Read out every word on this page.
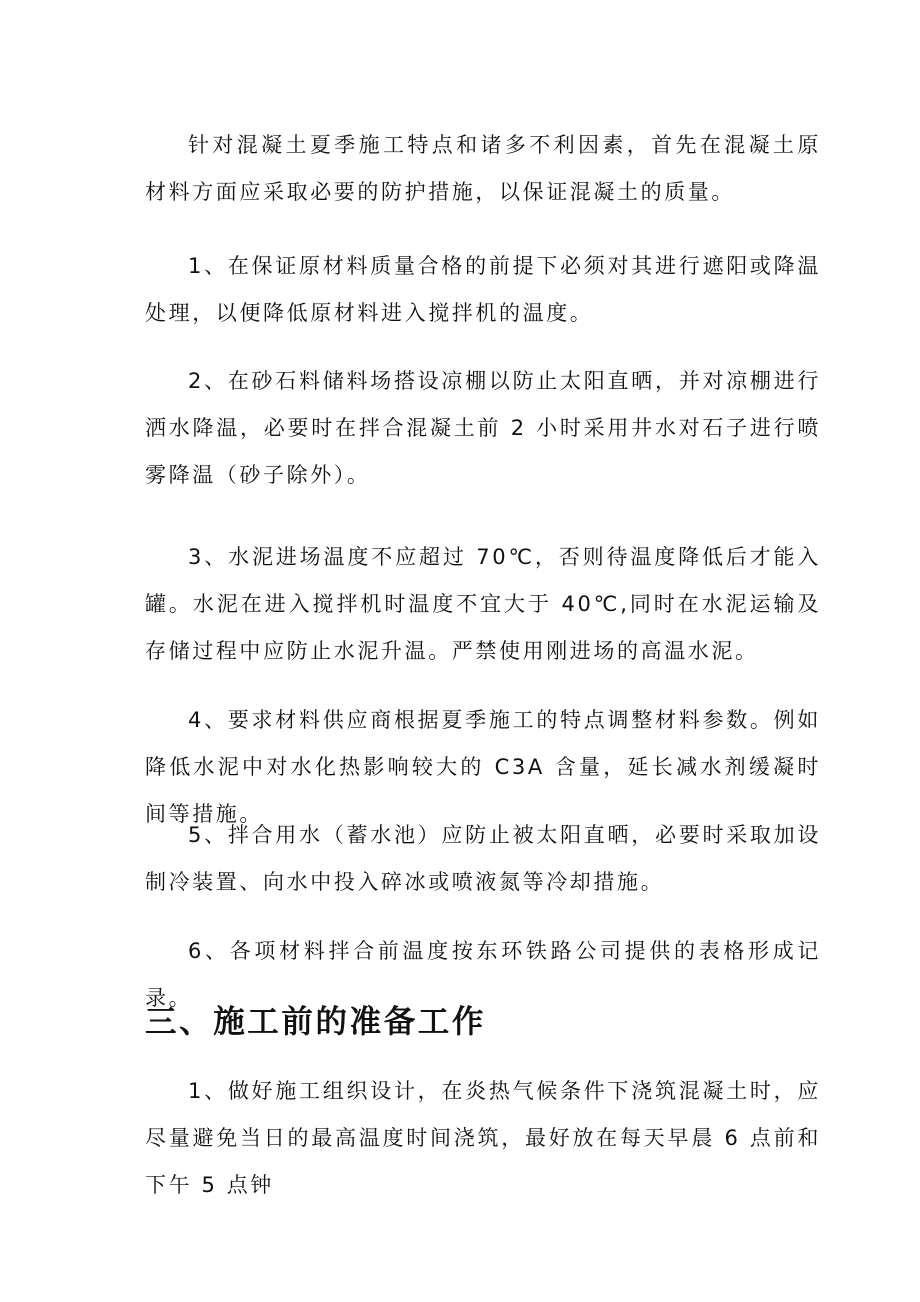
针对混凝土夏季施工特点和诸多不利因素，首先在混凝土原材料方面应采取必要的防护措施，以保证混凝土的质量。

1、在保证原材料质量合格的前提下必须对其进行遮阳或降温处理，以便降低原材料进入搅拌机的温度。

2、在砂石料储料场搭设凉棚以防止太阳直晒，并对凉棚进行洒水降温，必要时在拌合混凝土前 2 小时采用井水对石子进行喷雾降温（砂子除外）。

3、水泥进场温度不应超过 70℃，否则待温度降低后才能入罐。水泥在进入搅拌机时温度不宜大于 40℃,同时在水泥运输及存储过程中应防止水泥升温。严禁使用刚进场的高温水泥。

4、要求材料供应商根据夏季施工的特点调整材料参数。例如降低水泥中对水化热影响较大的 C3A 含量，延长减水剂缓凝时间等措施。

5、拌合用水（蓄水池）应防止被太阳直晒，必要时采取加设制冷装置、向水中投入碎冰或喷液氮等冷却措施。

6、各项材料拌合前温度按东环铁路公司提供的表格形成记录。

三、施工前的准备工作

1、做好施工组织设计，在炎热气候条件下浇筑混凝土时，应尽量避免当日的最高温度时间浇筑，最好放在每天早晨 6 点前和下午 5 点钟
